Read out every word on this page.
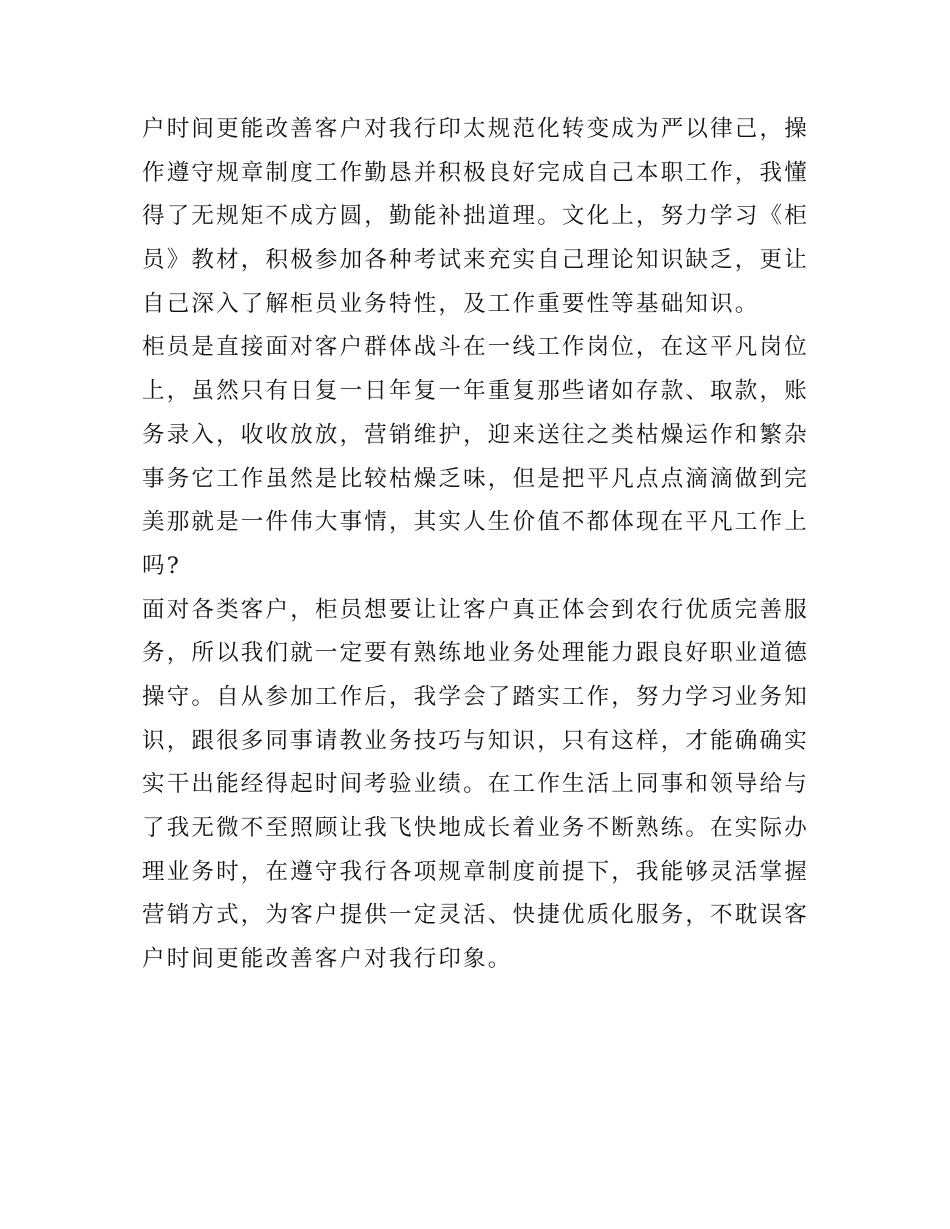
户时间更能改善客户对我行印太规范化转变成为严以律己，操
作遵守规章制度工作勤恳并积极良好完成自己本职工作，我懂
得了无规矩不成方圆，勤能补拙道理。文化上，努力学习《柜
员》教材，积极参加各种考试来充实自己理论知识缺乏，更让
自己深入了解柜员业务特性，及工作重要性等基础知识。
柜员是直接面对客户群体战斗在一线工作岗位，在这平凡岗位
上，虽然只有日复一日年复一年重复那些诸如存款、取款，账
务录入，收收放放，营销维护，迎来送往之类枯燥运作和繁杂
事务它工作虽然是比较枯燥乏味，但是把平凡点点滴滴做到完
美那就是一件伟大事情，其实人生价值不都体现在平凡工作上
吗?
面对各类客户，柜员想要让让客户真正体会到农行优质完善服
务，所以我们就一定要有熟练地业务处理能力跟良好职业道德
操守。自从参加工作后，我学会了踏实工作，努力学习业务知
识，跟很多同事请教业务技巧与知识，只有这样，才能确确实
实干出能经得起时间考验业绩。在工作生活上同事和领导给与
了我无微不至照顾让我飞快地成长着业务不断熟练。在实际办
理业务时，在遵守我行各项规章制度前提下，我能够灵活掌握
营销方式，为客户提供一定灵活、快捷优质化服务，不耽误客
户时间更能改善客户对我行印象。
